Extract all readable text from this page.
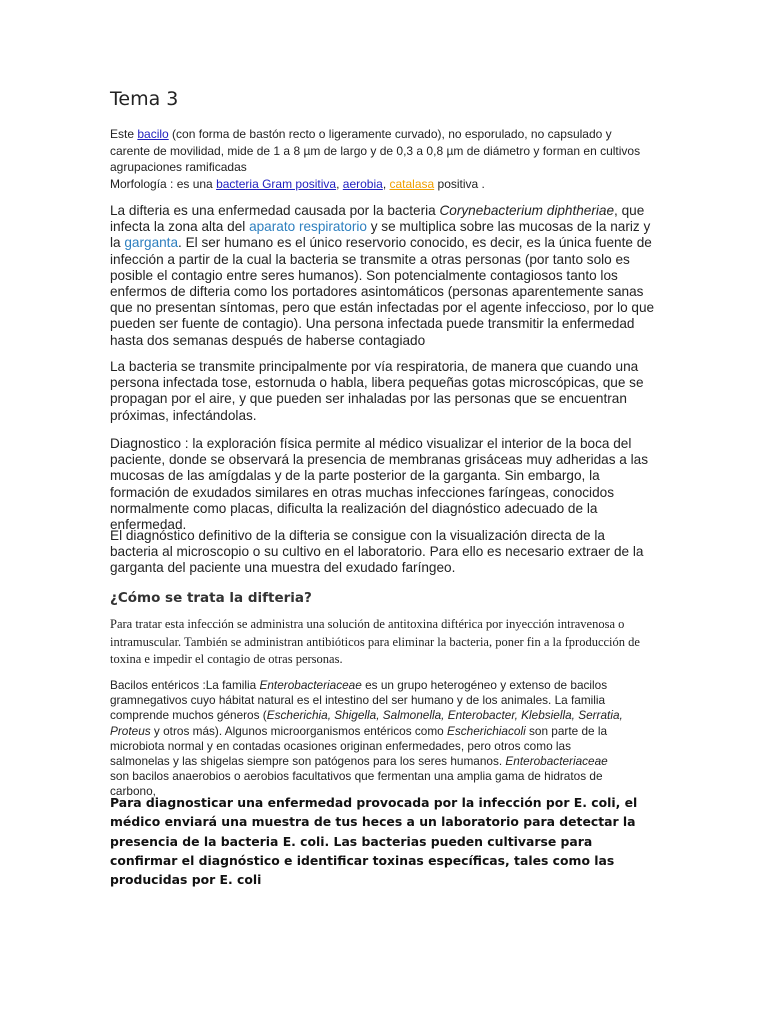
Tema 3

Este bacilo (con forma de bastón recto o ligeramente curvado), no esporulado, no capsulado y carente de movilidad, mide de 1 a 8 µm de largo y de 0,3 a 0,8 µm de diámetro y forman en cultivos agrupaciones ramificadas

Morfología : es una bacteria Gram positiva, aerobia, catalasa positiva .

La difteria es una enfermedad causada por la bacteria Corynebacterium diphtheriae, que infecta la zona alta del aparato respiratorio y se multiplica sobre las mucosas de la nariz y la garganta. El ser humano es el único reservorio conocido, es decir, es la única fuente de infección a partir de la cual la bacteria se transmite a otras personas (por tanto solo es posible el contagio entre seres humanos). Son potencialmente contagiosos tanto los enfermos de difteria como los portadores asintomáticos (personas aparentemente sanas que no presentan síntomas, pero que están infectadas por el agente infeccioso, por lo que pueden ser fuente de contagio). Una persona infectada puede transmitir la enfermedad hasta dos semanas después de haberse contagiado

La bacteria se transmite principalmente por vía respiratoria, de manera que cuando una persona infectada tose, estornuda o habla, libera pequeñas gotas microscópicas, que se propagan por el aire, y que pueden ser inhaladas por las personas que se encuentran próximas, infectándolas.

Diagnostico : la exploración física permite al médico visualizar el interior de la boca del paciente, donde se observará la presencia de membranas grisáceas muy adheridas a las mucosas de las amígdalas y de la parte posterior de la garganta. Sin embargo, la formación de exudados similares en otras muchas infecciones faríngeas, conocidos normalmente como placas, dificulta la realización del diagnóstico adecuado de la enfermedad.

El diagnóstico definitivo de la difteria se consigue con la visualización directa de la bacteria al microscopio o su cultivo en el laboratorio. Para ello es necesario extraer de la garganta del paciente una muestra del exudado faríngeo.

¿Cómo se trata la difteria?

Para tratar esta infección se administra una solución de antitoxina diftérica por inyección intravenosa o intramuscular. También se administran antibióticos para eliminar la bacteria, poner fin a la fproducción de toxina e impedir el contagio de otras personas.

Bacilos entéricos :La familia Enterobacteriaceae es un grupo heterogéneo y extenso de bacilos gramnegativos cuyo hábitat natural es el intestino del ser humano y de los animales. La familia comprende muchos géneros (Escherichia, Shigella, Salmonella, Enterobacter, Klebsiella, Serratia, Proteus y otros más). Algunos microorganismos entéricos como Escherichiacoli son parte de la microbiota normal y en contadas ocasiones originan enfermedades, pero otros como las salmonelas y las shigelas siempre son patógenos para los seres humanos. Enterobacteriaceae son bacilos anaerobios o aerobios facultativos que fermentan una amplia gama de hidratos de carbono,

Para diagnosticar una enfermedad provocada por la infección por E. coli, el médico enviará una muestra de tus heces a un laboratorio para detectar la presencia de la bacteria E. coli. Las bacterias pueden cultivarse para confirmar el diagnóstico e identificar toxinas específicas, tales como las producidas por E. coli
